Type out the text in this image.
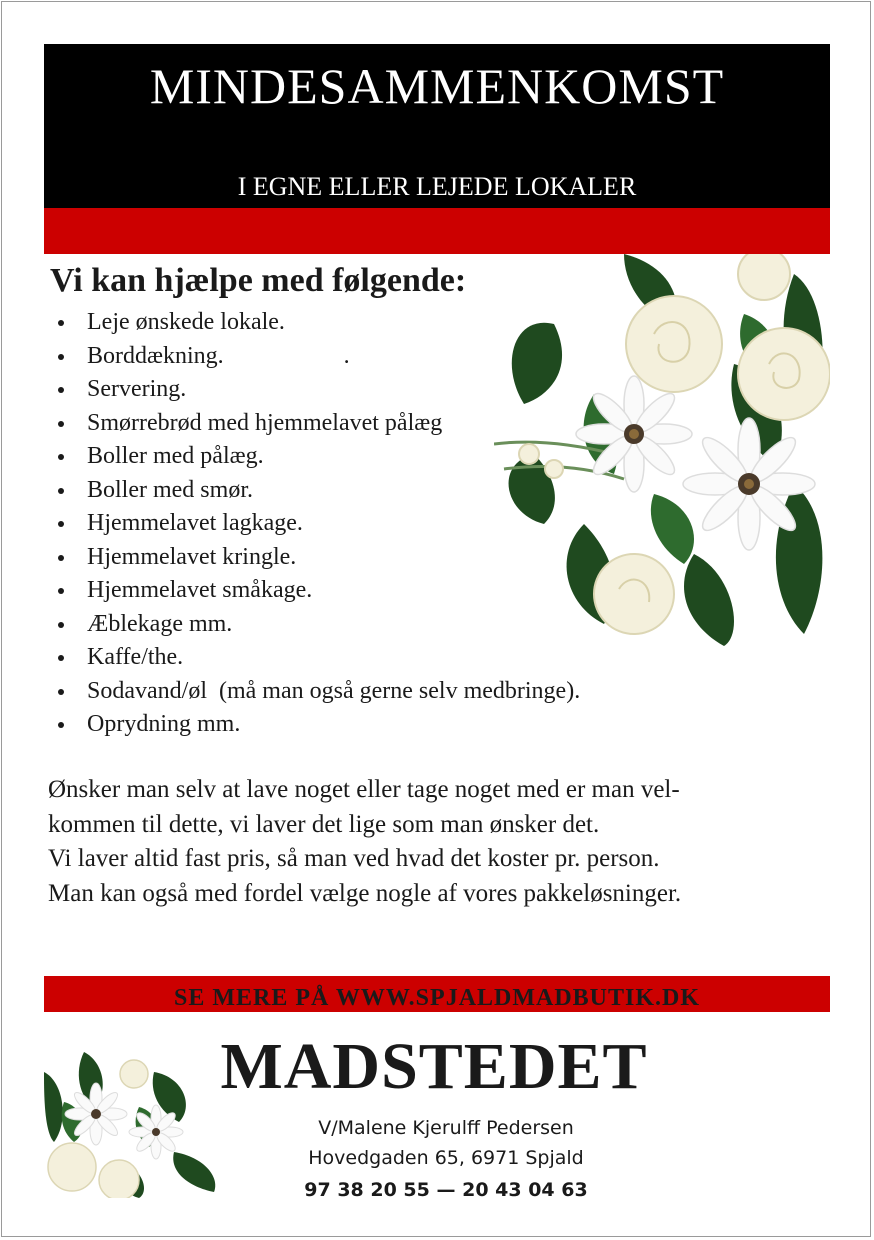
MINDESAMMENKOMST
I EGNE ELLER LEJEDE LOKALER
Vi kan hjælpe med følgende:
Leje ønskede lokale.
Borddækning.                    .
Servering.
Smørrebrød med hjemmelavet pålæg
Boller med pålæg.
Boller med smør.
Hjemmelavet lagkage.
Hjemmelavet kringle.
Hjemmelavet småkage.
Æblekage mm.
Kaffe/the.
Sodavand/øl  (må man også gerne selv medbringe).
Oprydning mm.
Ønsker man selv at lave noget eller tage noget med er man vel-
kommen til dette, vi laver det lige som man ønsker det.
Vi laver altid fast pris, så man ved hvad det koster pr. person.
Man kan også med fordel vælge nogle af vores pakkeløsninger.
SE MERE PÅ WWW.SPJALDMADBUTIK.DK
MADSTEDET
V/Malene Kjerulff Pedersen
Hovedgaden 65, 6971 Spjald
97 38 20 55 — 20 43 04 63
